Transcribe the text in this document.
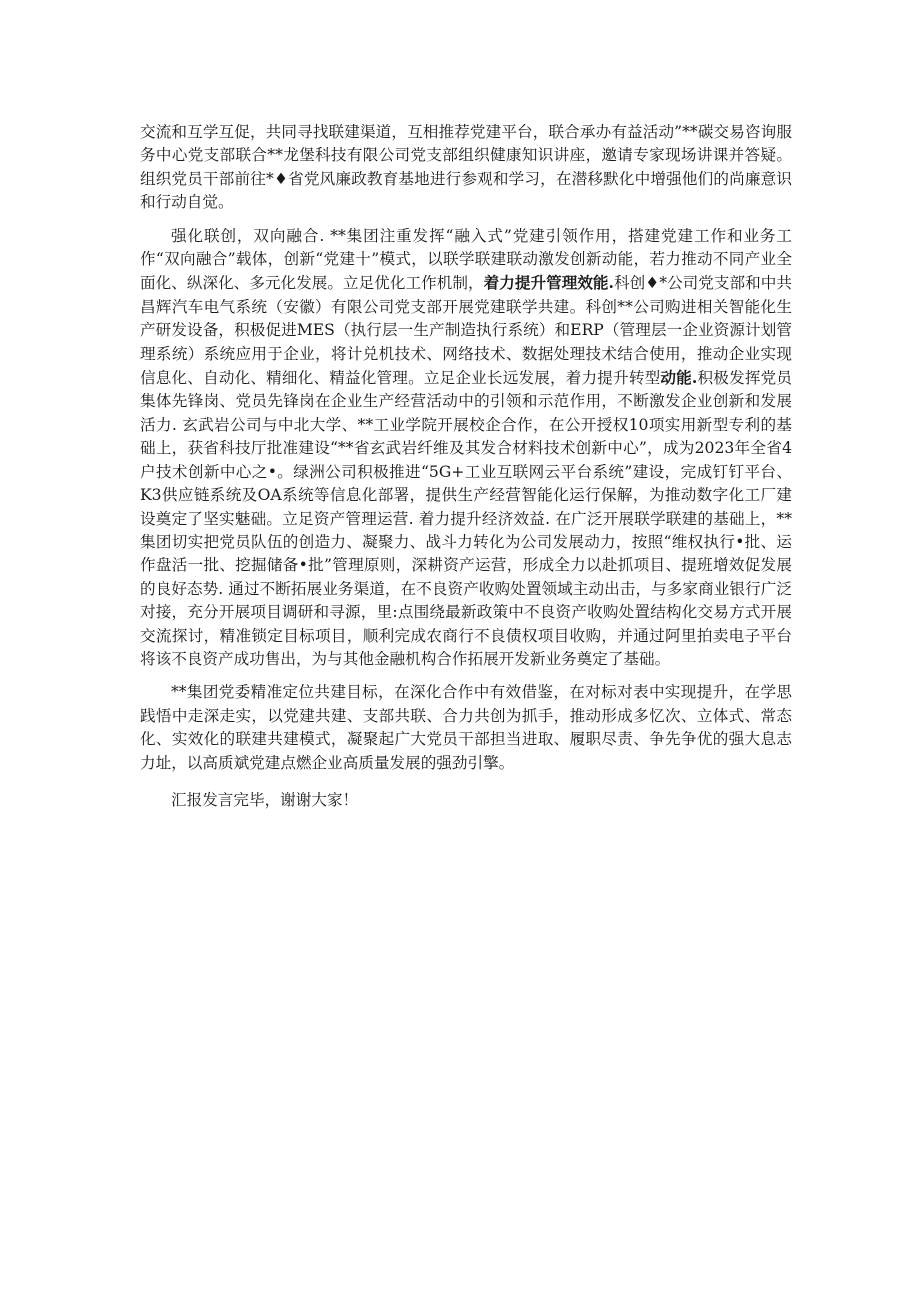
交流和互学互促，共同寻找联建渠道，互相推荐党建平台，联合承办有益活动”**碳交易咨询服务中心党支部联合**龙堡科技有限公司党支部组织健康知识讲座，邀请专家现场讲课并答疑。组织党员干部前往*♦省党风廉政教育基地进行参观和学习，在潜移默化中增强他们的尚廉意识和行动自觉。

强化联创，双向融合. **集团注重发挥“融入式”党建引领作用，搭建党建工作和业务工作“双向融合”载体，创新“党建十”模式，以联学联建联动激发创新动能，若力推动不同产业全面化、纵深化、多元化发展。立足优化工作机制，着力提升管理效能.科创♦*公司党支部和中共昌辉汽车电气系统（安徽）有限公司党支部开展党建联学共建。科创**公司购进相关智能化生产研发设备，积极促进MES（执行层一生产制造执行系统）和ERP（管理层一企业资源计划管理系统）系统应用于企业，将计兑机技术、网络技术、数据处理技术结合使用，推动企业实现信息化、自动化、精细化、精益化管理。立足企业长远发展，着力提升转型动能.积极发挥党员集体先锋岗、党员先锋岗在企业生产经营活动中的引领和示范作用，不断激发企业创新和发展活力. 玄武岩公司与中北大学、**工业学院开展校企合作，在公开授权10项实用新型专利的基础上，获省科技厅批准建设“**省玄武岩纤维及其发合材料技术创新中心”，成为2023年全省4户技术创新中心之•。绿洲公司积极推进“5G+工业互联网云平台系统”建设，完成钉钉平台、K3供应链系统及OA系统等信息化部署，提供生产经营智能化运行保解，为推动数字化工厂建设奠定了坚实魅础。立足资产管理运营. 着力提升经济效益. 在广泛开展联学联建的基础上，**集团切实把党员队伍的创造力、凝聚力、战斗力转化为公司发展动力，按照“维权执行•批、运作盘活一批、挖掘储备•批”管理原则，深耕资产运营，形成全力以赴抓项目、提班增效促发展的良好态势. 通过不断拓展业务渠道，在不良资产收购处置领域主动出击，与多家商业银行广泛对接，充分开展项目调研和寻源，里:点围绕最新政策中不良资产收购处置结构化交易方式开展交流探讨，精准锁定目标项目，顺利完成农商行不良债权项目收购，并通过阿里拍卖电子平台将该不良资产成功售出，为与其他金融机构合作拓展开发新业务奠定了基础。

**集团党委精准定位共建目标，在深化合作中有效借鉴，在对标对表中实现提升，在学思践悟中走深走实，以党建共建、支部共联、合力共创为抓手，推动形成多忆次、立体式、常态化、实效化的联建共建模式，凝聚起广大党员干部担当进取、履职尽责、争先争优的强大息志力址，以高质斌党建点燃企业高质量发展的强劲引擎。

汇报发言完毕，谢谢大家！
